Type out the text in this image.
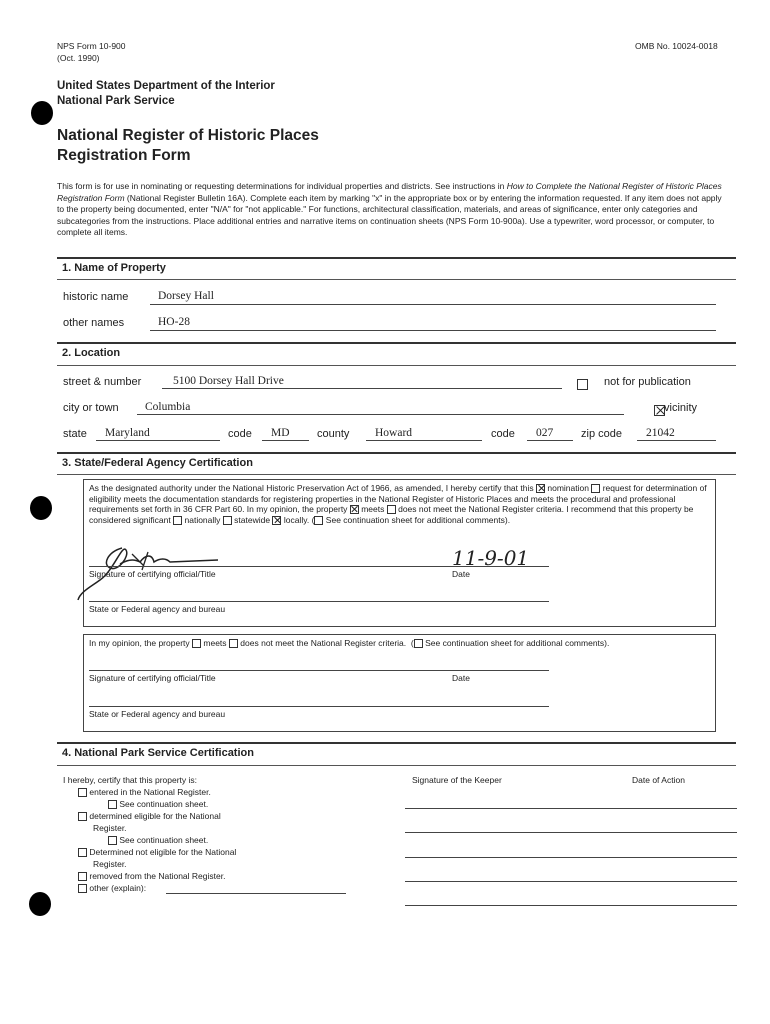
NPS Form 10-900
(Oct. 1990)
OMB No. 10024-0018
United States Department of the Interior
National Park Service
National Register of Historic Places
Registration Form
This form is for use in nominating or requesting determinations for individual properties and districts. See instructions in How to Complete the National Register of Historic Places Registration Form (National Register Bulletin 16A). Complete each item by marking "x" in the appropriate box or by entering the information requested. If any item does not apply to the property being documented, enter "N/A" for "not applicable." For functions, architectural classification, materials, and areas of significance, enter only categories and subcategories from the instructions. Place additional entries and narrative items on continuation sheets (NPS Form 10-900a). Use a typewriter, word processor, or computer, to complete all items.
1. Name of Property
historic name	Dorsey Hall
other names	HO-28
2. Location
street & number	5100 Dorsey Hall Drive
	not for publication
city or town Columbia	vicinity
state Maryland	code MD county Howard	code 027	zip code 21042
3. State/Federal Agency Certification
As the designated authority under the National Historic Preservation Act of 1966, as amended, I hereby certify that this nomination request for determination of eligibility meets the documentation standards for registering properties in the National Register of Historic Places and meets the procedural and professional requirements set forth in 36 CFR Part 60. In my opinion, the property meets does not meet the National Register criteria. I recommend that this property be considered significant nationally statewide locally. ( See continuation sheet for additional comments).
11-9-01
Signature of certifying official/Title	Date
State or Federal agency and bureau
In my opinion, the property meets does not meet the National Register criteria.  ( See continuation sheet for additional comments).
Signature of certifying official/Title	Date
State or Federal agency and bureau
4. National Park Service Certification
I hereby, certify that this property is:	Signature of the Keeper	Date of Action
entered in the National Register.
See continuation sheet.
determined eligible for the National
Register.
See continuation sheet.
Determined not eligible for the National
Register.
removed from the National Register.
other (explain):
